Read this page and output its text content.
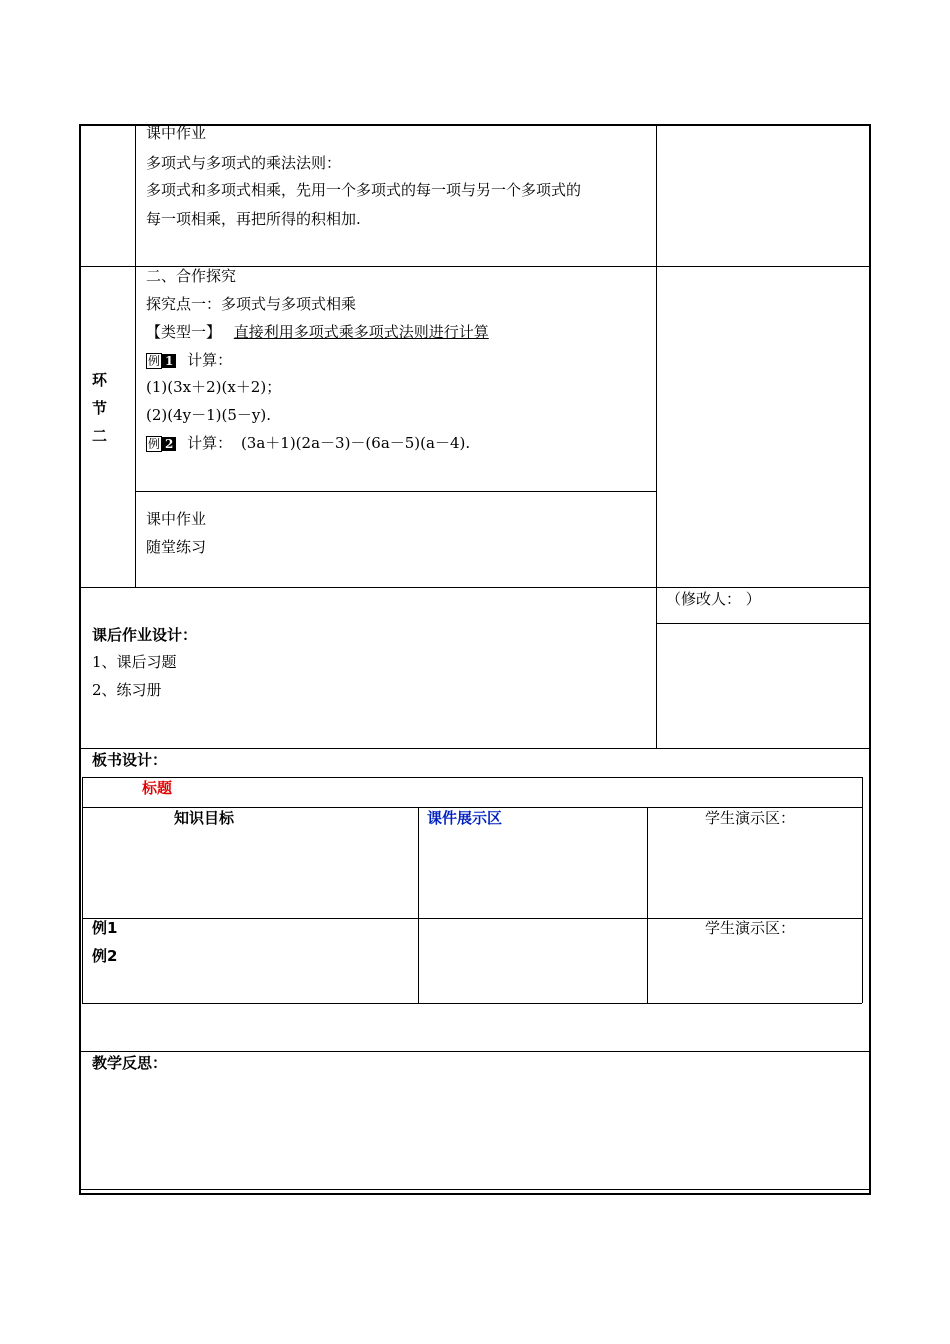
课中作业
多项式与多项式的乘法法则：
多项式和多项式相乘，先用一个多项式的每一项与另一个多项式的
每一项相乘，再把所得的积相加.
环
节
二
二、合作探究
探究点一：多项式与多项式相乘
【类型一】 直接利用多项式乘多项式法则进行计算
例 1 计算：
(1)(3x＋2)(x＋2)；
(2)(4y－1)(5－y).
例 2 计算： (3a＋1)(2a－3)－(6a－5)(a－4).
课中作业
随堂练习
（修改人： ）
课后作业设计：
1、课后习题
2、练习册
板书设计：
标题
知识目标	课件展示区	学生演示区：
例1
例2
学生演示区：
教学反思：
